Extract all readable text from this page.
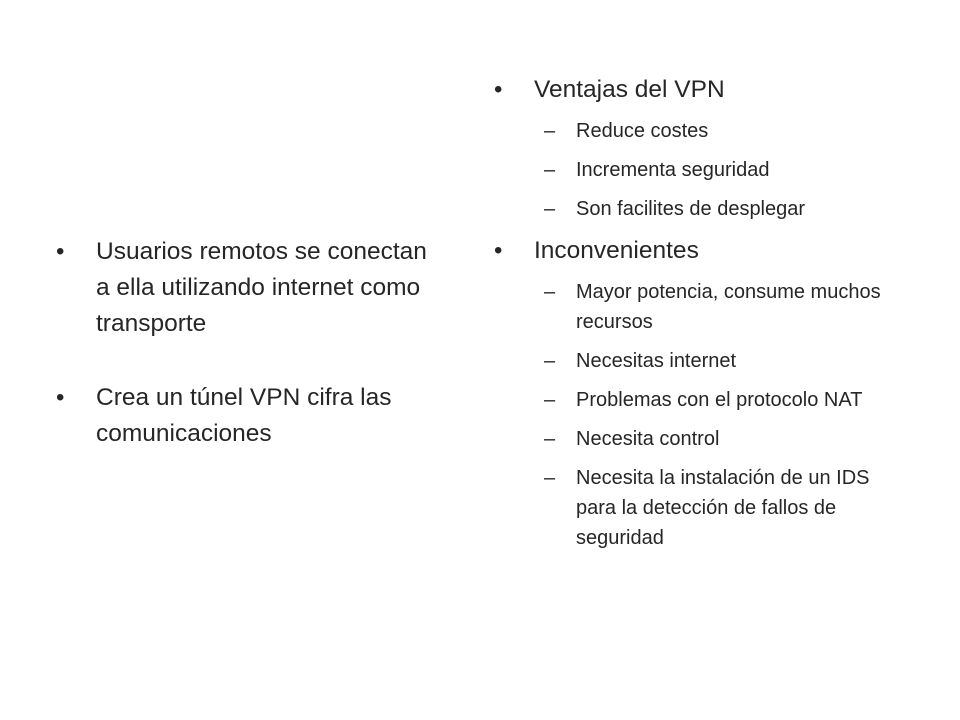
•	Usuarios remotos se conectan a ella utilizando internet como transporte
•	Crea un túnel VPN cifra las comunicaciones
•	Ventajas del VPN
– Reduce costes
– Incrementa seguridad
– Son facilites de desplegar
•	Inconvenientes
– Mayor potencia, consume muchos recursos
– Necesitas internet
– Problemas con el protocolo NAT
– Necesita control
– Necesita la instalación de un IDS para la detección de fallos de seguridad
